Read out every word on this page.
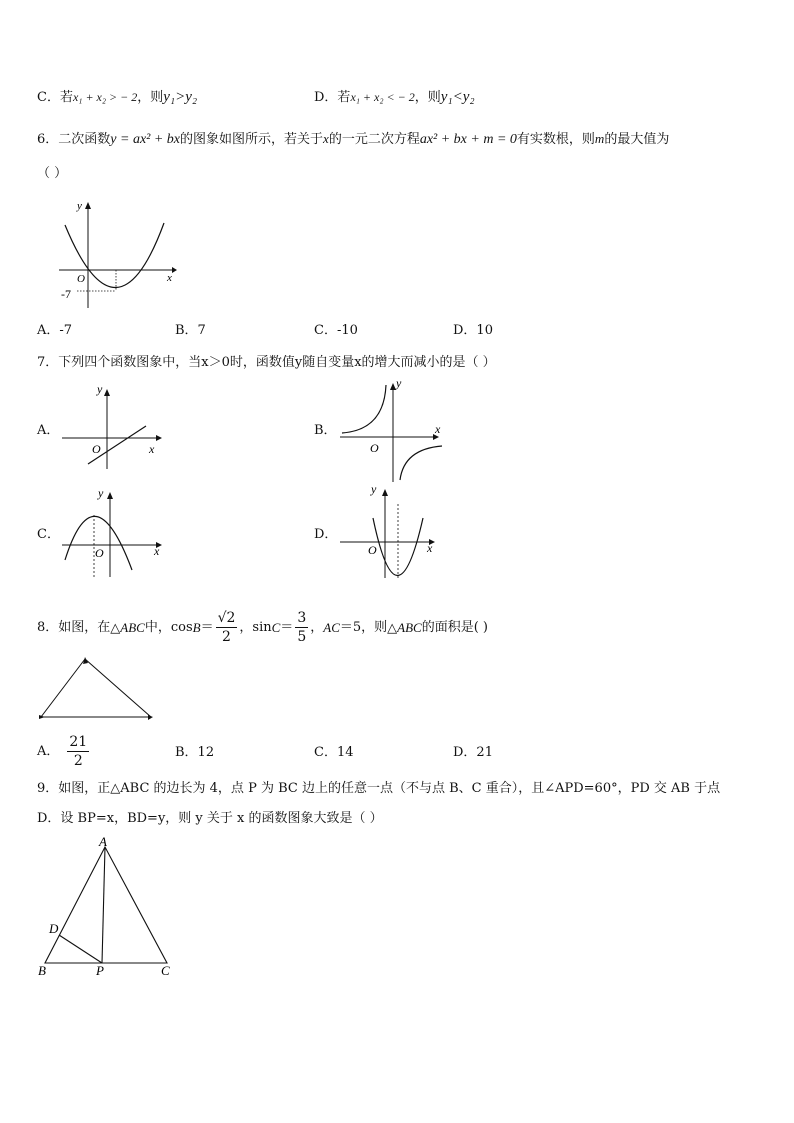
C．若x₁ + x₂ > − 2，则y₁>y₂	D．若x₁ + x₂ < − 2，则y₁<y₂
6．二次函数y = ax² + bx的图象如图所示，若关于x的一元二次方程ax² + bx + m = 0有实数根，则m的最大值为
（ ）
y
x
O
-7
A．-7	B．7	C．-10	D．10
7．下列四个函数图象中，当x＞0时，函数值y随自变量x的增大而减小的是（ ）
A．
y
x
O
B．
y
x
O
C．
y
x
O
D．
y
x
O
8．如图，在 △ABC 中，cos B ＝
√2
2
，sin C ＝
3
5
， AC ＝5，则 △ABC 的面积是( )
A．
21
2
B．12	C．14	D．21
9．如图，正△ABC 的边长为 4，点 P 为 BC 边上的任意一点（不与点 B、C 重合），且∠APD=60°，PD 交 AB 于点
D．设 BP=x，BD=y，则 y 关于 x 的函数图象大致是（ ）
A
D
B	P	C
